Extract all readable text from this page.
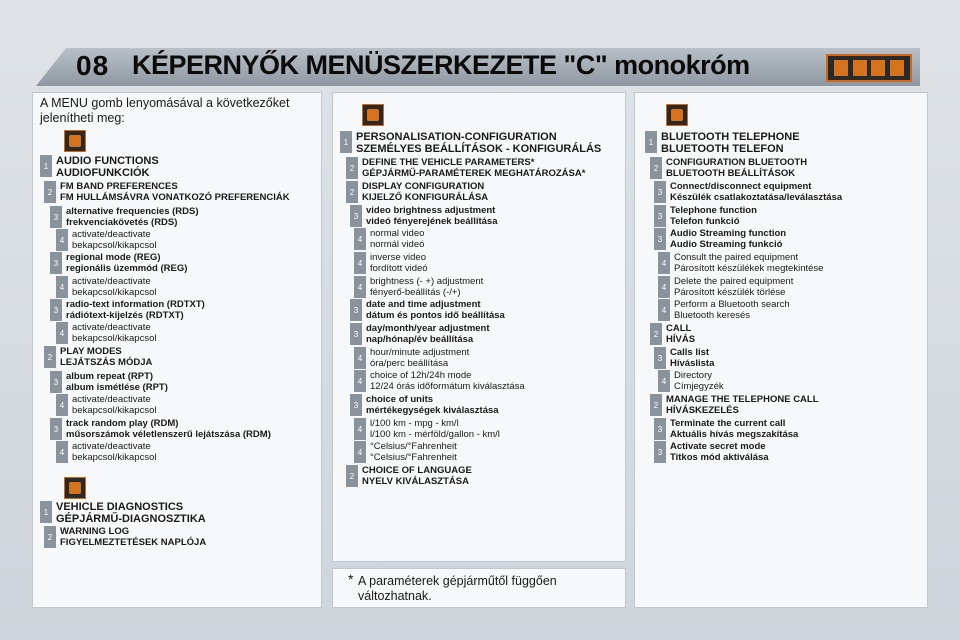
08 KÉPERNYŐK MENÜSZERKEZETE "C" monokróm
A MENU gomb lenyomásával a következőket jelenítheti meg:
1 AUDIO FUNCTIONS
AUDIOFUNKCIÓK
2 FM BAND PREFERENCES
FM HULLÁMSÁVRA VONATKOZÓ PREFERENCIÁK
3 alternative frequencies (RDS)
frekvenciakövetés (RDS)
4 activate/deactivate
bekapcsol/kikapcsol
3 regional mode (REG)
regionális üzemmód (REG)
4 activate/deactivate
bekapcsol/kikapcsol
3 radio-text information (RDTXT)
rádiótext-kijelzés (RDTXT)
4 activate/deactivate
bekapcsol/kikapcsol
2 PLAY MODES
LEJÁTSZÁS MÓDJA
3 album repeat (RPT)
album ismétlése (RPT)
4 activate/deactivate
bekapcsol/kikapcsol
3 track random play (RDM)
műsorszámok véletlenszerű lejátszása (RDM)
4 activate/deactivate
bekapcsol/kikapcsol
1 VEHICLE DIAGNOSTICS
GÉPJÁRMŰ-DIAGNOSZTIKA
2 WARNING LOG
FIGYELMEZTETÉSEK NAPLÓJA
1 PERSONALISATION-CONFIGURATION
SZEMÉLYES BEÁLLÍTÁSOK - KONFIGURÁLÁS
2 DEFINE THE VEHICLE PARAMETERS*
GÉPJÁRMŰ-PARAMÉTEREK MEGHATÁROZÁSA*
2 DISPLAY CONFIGURATION
KIJELZŐ KONFIGURÁLÁSA
3 video brightness adjustment
videó fényerejének beállítása
4 normal video
normál videó
4 inverse video
fordított videó
4 brightness (- +) adjustment
fényerő-beállítás (-/+)
3 date and time adjustment
dátum és pontos idő beállítása
3 day/month/year adjustment
nap/hónap/év beállítása
4 hour/minute adjustment
óra/perc beállítása
4 choice of 12h/24h mode
12/24 órás időformátum kiválasztása
3 choice of units
mértékegységek kiválasztása
4 l/100 km - mpg - km/l
l/100 km - mérföld/gallon - km/l
4 °Celsius/°Fahrenheit
°Celsius/°Fahrenheit
2 CHOICE OF LANGUAGE
NYELV KIVÁLASZTÁSA
1 BLUETOOTH TELEPHONE
BLUETOOTH TELEFON
2 CONFIGURATION BLUETOOTH
BLUETOOTH BEÁLLÍTÁSOK
3 Connect/disconnect equipment
Készülék csatlakoztatása/leválasztása
3 Telephone function
Telefon funkció
3 Audio Streaming function
Audio Streaming funkció
4 Consult the paired equipment
Párosított készülékek megtekintése
4 Delete the paired equipment
Párosított készülék törlése
4 Perform a Bluetooth search
Bluetooth keresés
2 CALL
HÍVÁS
3 Calls list
Híváslista
4 Directory
Címjegyzék
2 MANAGE THE TELEPHONE CALL
HÍVÁSKEZELÉS
3 Terminate the current call
Aktuális hívás megszakítása
3 Activate secret mode
Titkos mód aktiválása
* A paraméterek gépjárműtől függően változhatnak.
